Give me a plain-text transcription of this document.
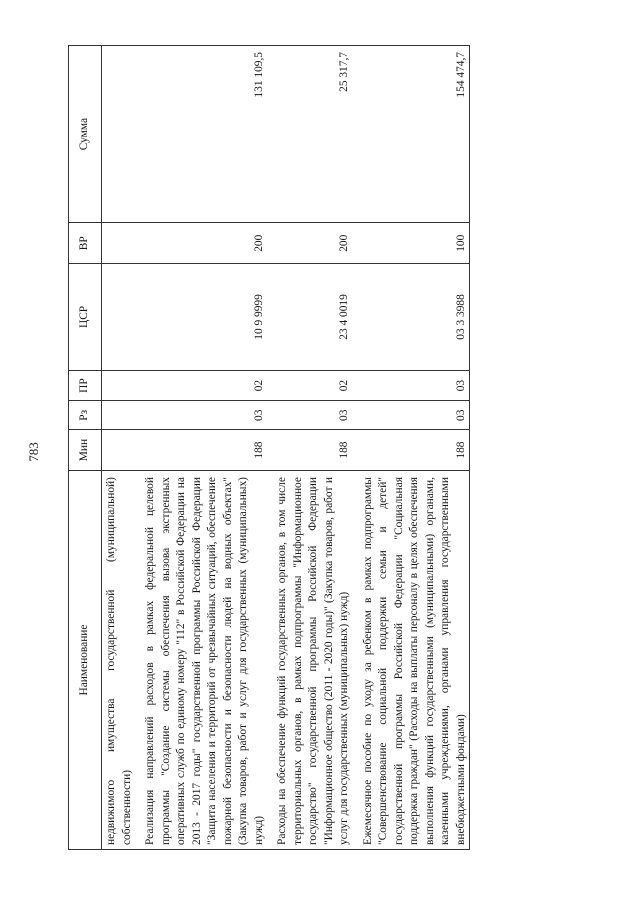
783
Наименование	Мин	Рз	ПР	ЦСР	ВР	Сумма
недвижимого имущества государственной (муниципальной) собственности)						

Реализация направлений расходов в рамках федеральной целевой программы "Создание системы обеспечения вызова экстренных оперативных служб по единому номеру "112" в Российской Федерации на 2013 - 2017 годы" государственной программы Российской Федерации "Защита населения и территорий от чрезвычайных ситуаций, обеспечение пожарной безопасности и безопасности людей на водных объектах" (Закупка товаров, работ и услуг для государственных (муниципальных) нужд)	188	03	02	10 9 9999	200	131 109,5

Расходы на обеспечение функций государственных органов, в том числе территориальных органов, в рамках подпрограммы "Информационное государство" государственной программы Российской Федерации "Информационное общество (2011 - 2020 годы)" (Закупка товаров, работ и услуг для государственных (муниципальных) нужд)	188	03	02	23 4 0019	200	25 317,7

Ежемесячное пособие по уходу за ребенком в рамках подпрограммы "Совершенствование социальной поддержки семьи и детей" государственной программы Российской Федерации "Социальная поддержка граждан" (Расходы на выплаты персоналу в целях обеспечения выполнения функций государственными (муниципальными) органами, казенными учреждениями, органами управления государственными внебюджетными фондами)	188	03	03	03 3 3988	100	154 474,7
